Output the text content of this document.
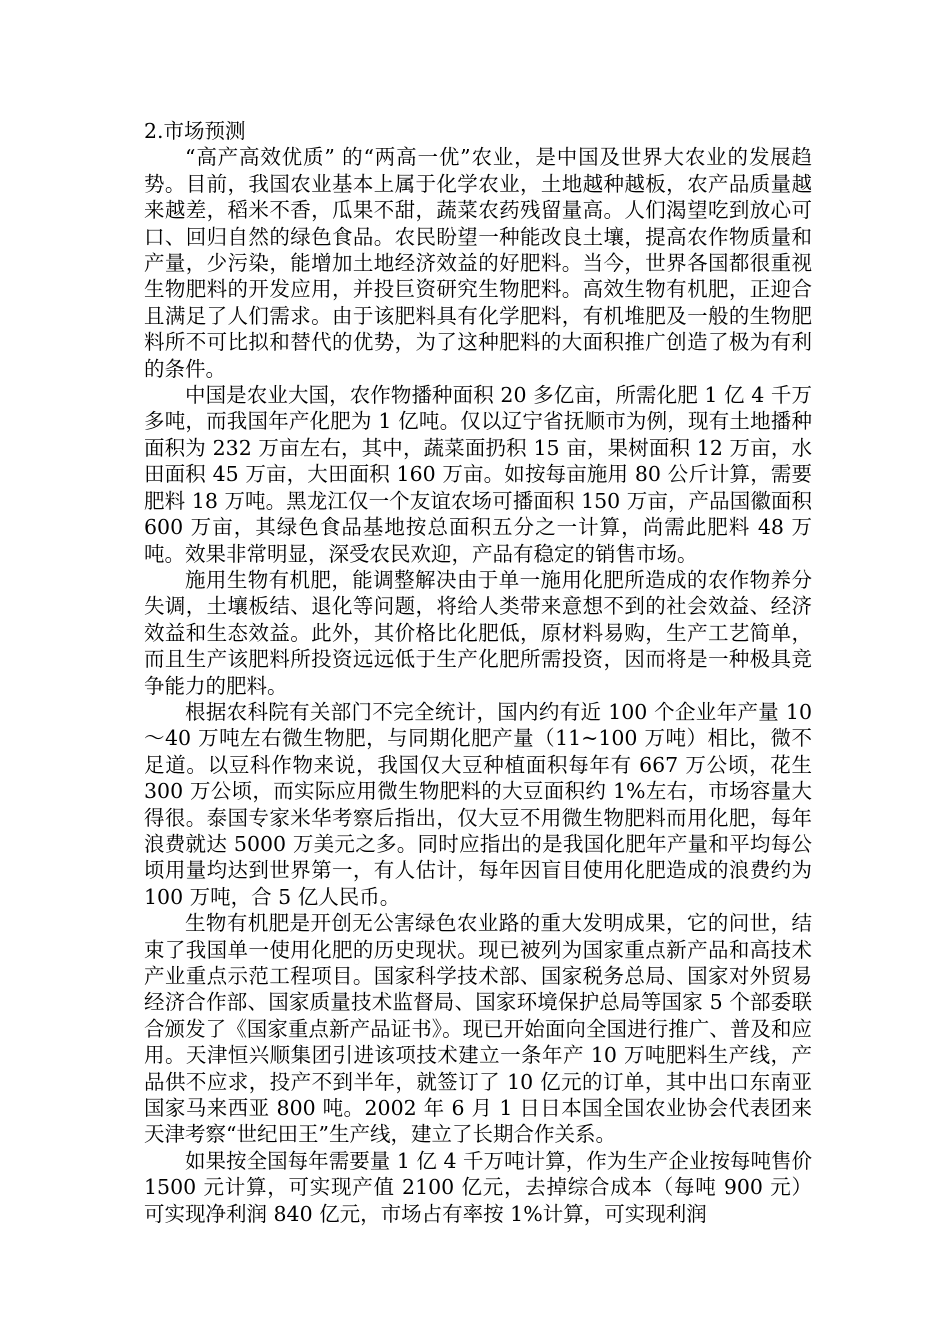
2.市场预测

“高产高效优质” 的“两高一优”农业，是中国及世界大农业的发展趋势。目前，我国农业基本上属于化学农业，土地越种越板，农产品质量越来越差，稻米不香，瓜果不甜，蔬菜农药残留量高。人们渴望吃到放心可口、回归自然的绿色食品。农民盼望一种能改良土壤，提高农作物质量和产量，少污染，能增加土地经济效益的好肥料。当今，世界各国都很重视生物肥料的开发应用，并投巨资研究生物肥料。高效生物有机肥，正迎合且满足了人们需求。由于该肥料具有化学肥料，有机堆肥及一般的生物肥料所不可比拟和替代的优势，为了这种肥料的大面积推广创造了极为有利的条件。

中国是农业大国，农作物播种面积 20 多亿亩，所需化肥 1 亿 4 千万多吨，而我国年产化肥为 1 亿吨。仅以辽宁省抚顺市为例，现有土地播种面积为 232 万亩左右，其中，蔬菜面扔积 15 亩，果树面积 12 万亩，水田面积 45 万亩，大田面积 160 万亩。如按每亩施用 80 公斤计算，需要肥料 18 万吨。黑龙江仅一个友谊农场可播面积 150 万亩，产品国徽面积 600 万亩，其绿色食品基地按总面积五分之一计算，尚需此肥料 48 万吨。效果非常明显，深受农民欢迎，产品有稳定的销售市场。

施用生物有机肥，能调整解决由于单一施用化肥所造成的农作物养分失调，土壤板结、退化等问题，将给人类带来意想不到的社会效益、经济效益和生态效益。此外，其价格比化肥低，原材料易购，生产工艺简单，而且生产该肥料所投资远远低于生产化肥所需投资，因而将是一种极具竞争能力的肥料。

根据农科院有关部门不完全统计，国内约有近 100 个企业年产量 10～40 万吨左右微生物肥，与同期化肥产量（11~100 万吨）相比，微不足道。以豆科作物来说，我国仅大豆种植面积每年有 667 万公顷，花生 300 万公顷，而实际应用微生物肥料的大豆面积约 1%左右，市场容量大得很。泰国专家米华考察后指出，仅大豆不用微生物肥料而用化肥，每年浪费就达 5000 万美元之多。同时应指出的是我国化肥年产量和平均每公顷用量均达到世界第一，有人估计，每年因盲目使用化肥造成的浪费约为 100 万吨，合 5 亿人民币。

生物有机肥是开创无公害绿色农业路的重大发明成果，它的问世，结束了我国单一使用化肥的历史现状。现已被列为国家重点新产品和高技术产业重点示范工程项目。国家科学技术部、国家税务总局、国家对外贸易经济合作部、国家质量技术监督局、国家环境保护总局等国家 5 个部委联合颁发了《国家重点新产品证书》。现已开始面向全国进行推广、普及和应用。天津恒兴顺集团引进该项技术建立一条年产 10 万吨肥料生产线，产品供不应求，投产不到半年，就签订了 10 亿元的订单，其中出口东南亚国家马来西亚 800 吨。2002 年 6 月 1 日日本国全国农业协会代表团来天津考察“世纪田王”生产线，建立了长期合作关系。

如果按全国每年需要量 1 亿 4 千万吨计算，作为生产企业按每吨售价 1500 元计算，可实现产值 2100 亿元，去掉综合成本（每吨 900 元）可实现净利润 840 亿元，市场占有率按 1%计算，可实现利润
